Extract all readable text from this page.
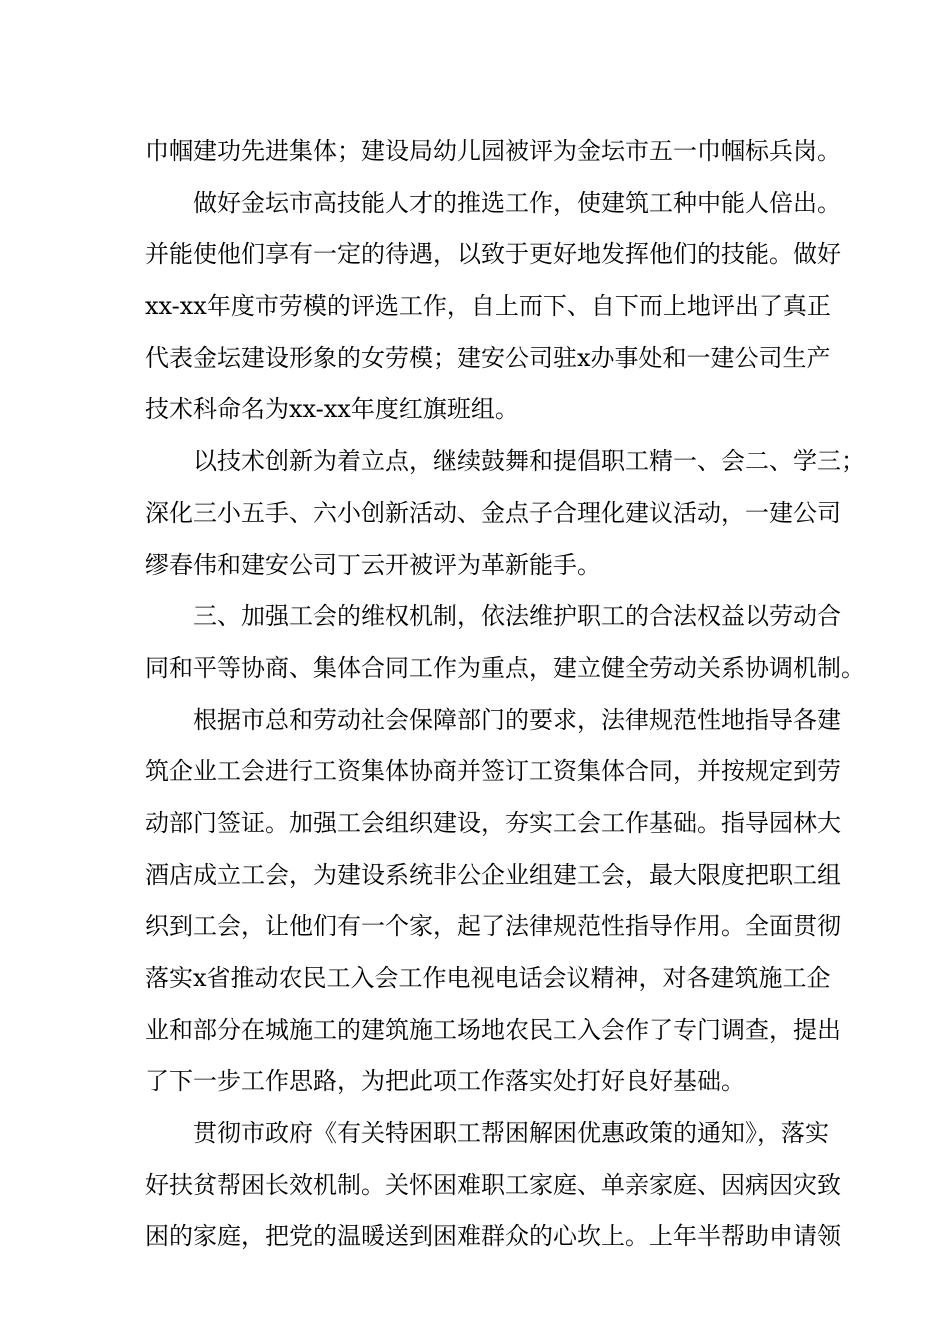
巾帼建功先进集体；建设局幼儿园被评为金坛市五一巾帼标兵岗。
做好金坛市高技能人才的推选工作，使建筑工种中能人倍出。
并能使他们享有一定的待遇，以致于更好地发挥他们的技能。做好
xx-xx年度市劳模的评选工作，自上而下、自下而上地评出了真正
代表金坛建设形象的女劳模；建安公司驻x办事处和一建公司生产
技术科命名为xx-xx年度红旗班组。
以技术创新为着立点，继续鼓舞和提倡职工精一、会二、学三；
深化三小五手、六小创新活动、金点子合理化建议活动，一建公司
缪春伟和建安公司丁云开被评为革新能手。
三、加强工会的维权机制，依法维护职工的合法权益以劳动合
同和平等协商、集体合同工作为重点，建立健全劳动关系协调机制。
根据市总和劳动社会保障部门的要求，法律规范性地指导各建
筑企业工会进行工资集体协商并签订工资集体合同，并按规定到劳
动部门签证。加强工会组织建设，夯实工会工作基础。指导园林大
酒店成立工会，为建设系统非公企业组建工会，最大限度把职工组
织到工会，让他们有一个家，起了法律规范性指导作用。全面贯彻
落实x省推动农民工入会工作电视电话会议精神，对各建筑施工企
业和部分在城施工的建筑施工场地农民工入会作了专门调查，提出
了下一步工作思路，为把此项工作落实处打好良好基础。
贯彻市政府《有关特困职工帮困解困优惠政策的通知》，落实
好扶贫帮困长效机制。关怀困难职工家庭、单亲家庭、因病因灾致
困的家庭，把党的温暖送到困难群众的心坎上。上年半帮助申请领
